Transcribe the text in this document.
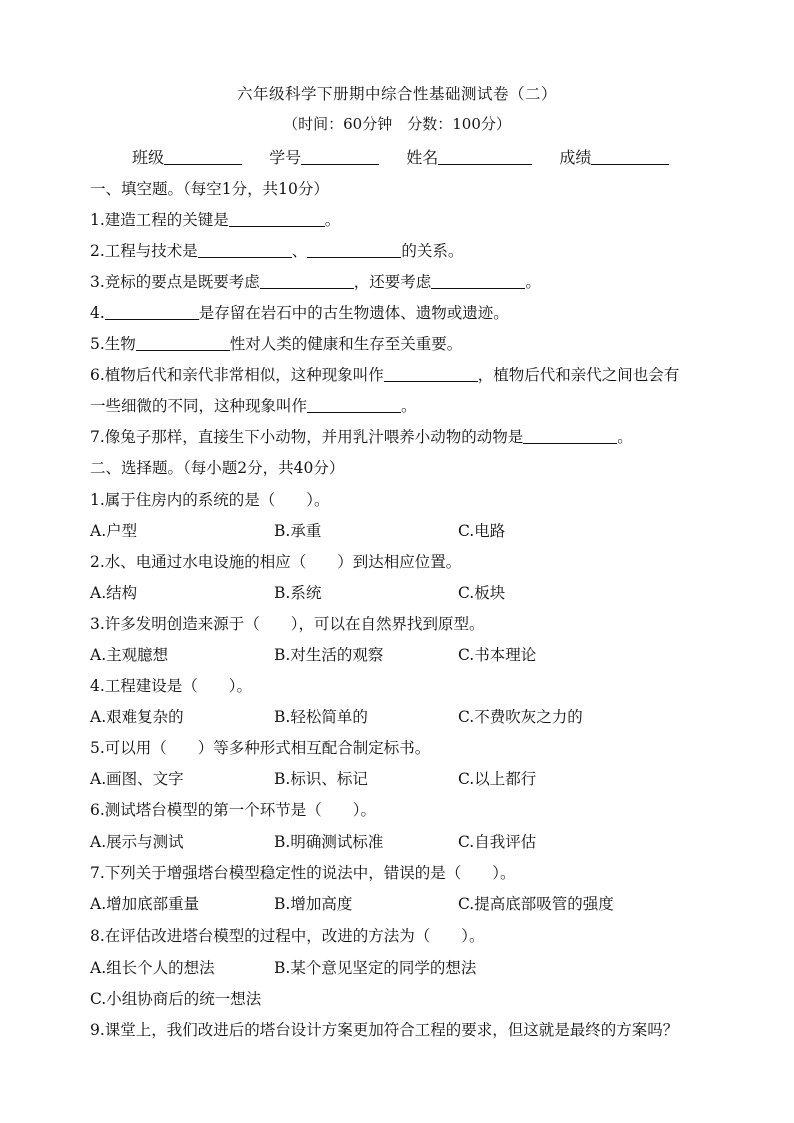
六年级科学下册期中综合性基础测试卷（二）
（时间：60分钟　分数：100分）
班级	学号	姓名	成绩
一、填空题。（每空1分，共10分）
1.建造工程的关键是	。
2.工程与技术是	、	的关系。
3.竞标的要点是既要考虑	，还要考虑	。
4.	是存留在岩石中的古生物遗体、遗物或遗迹。
5.生物	性对人类的健康和生存至关重要。
6.植物后代和亲代非常相似，这种现象叫作	，植物后代和亲代之间也会有
一些细微的不同，这种现象叫作	。
7.像兔子那样，直接生下小动物，并用乳汁喂养小动物的动物是	。
二、选择题。（每小题2分，共40分）
1.属于住房内的系统的是（　　）。
A.户型	B.承重	C.电路
2.水、电通过水电设施的相应（　　）到达相应位置。
A.结构	B.系统	C.板块
3.许多发明创造来源于（　　），可以在自然界找到原型。
A.主观臆想	B.对生活的观察	C.书本理论
4.工程建设是（　　）。
A.艰难复杂的	B.轻松简单的	C.不费吹灰之力的
5.可以用（　　）等多种形式相互配合制定标书。
A.画图、文字	B.标识、标记	C.以上都行
6.测试塔台模型的第一个环节是（　　）。
A.展示与测试	B.明确测试标准	C.自我评估
7.下列关于增强塔台模型稳定性的说法中，错误的是（　　）。
A.增加底部重量	B.增加高度	C.提高底部吸管的强度
8.在评估改进塔台模型的过程中，改进的方法为（　　）。
A.组长个人的想法	B.某个意见坚定的同学的想法
C.小组协商后的统一想法
9.课堂上，我们改进后的塔台设计方案更加符合工程的要求，但这就是最终的方案吗？
